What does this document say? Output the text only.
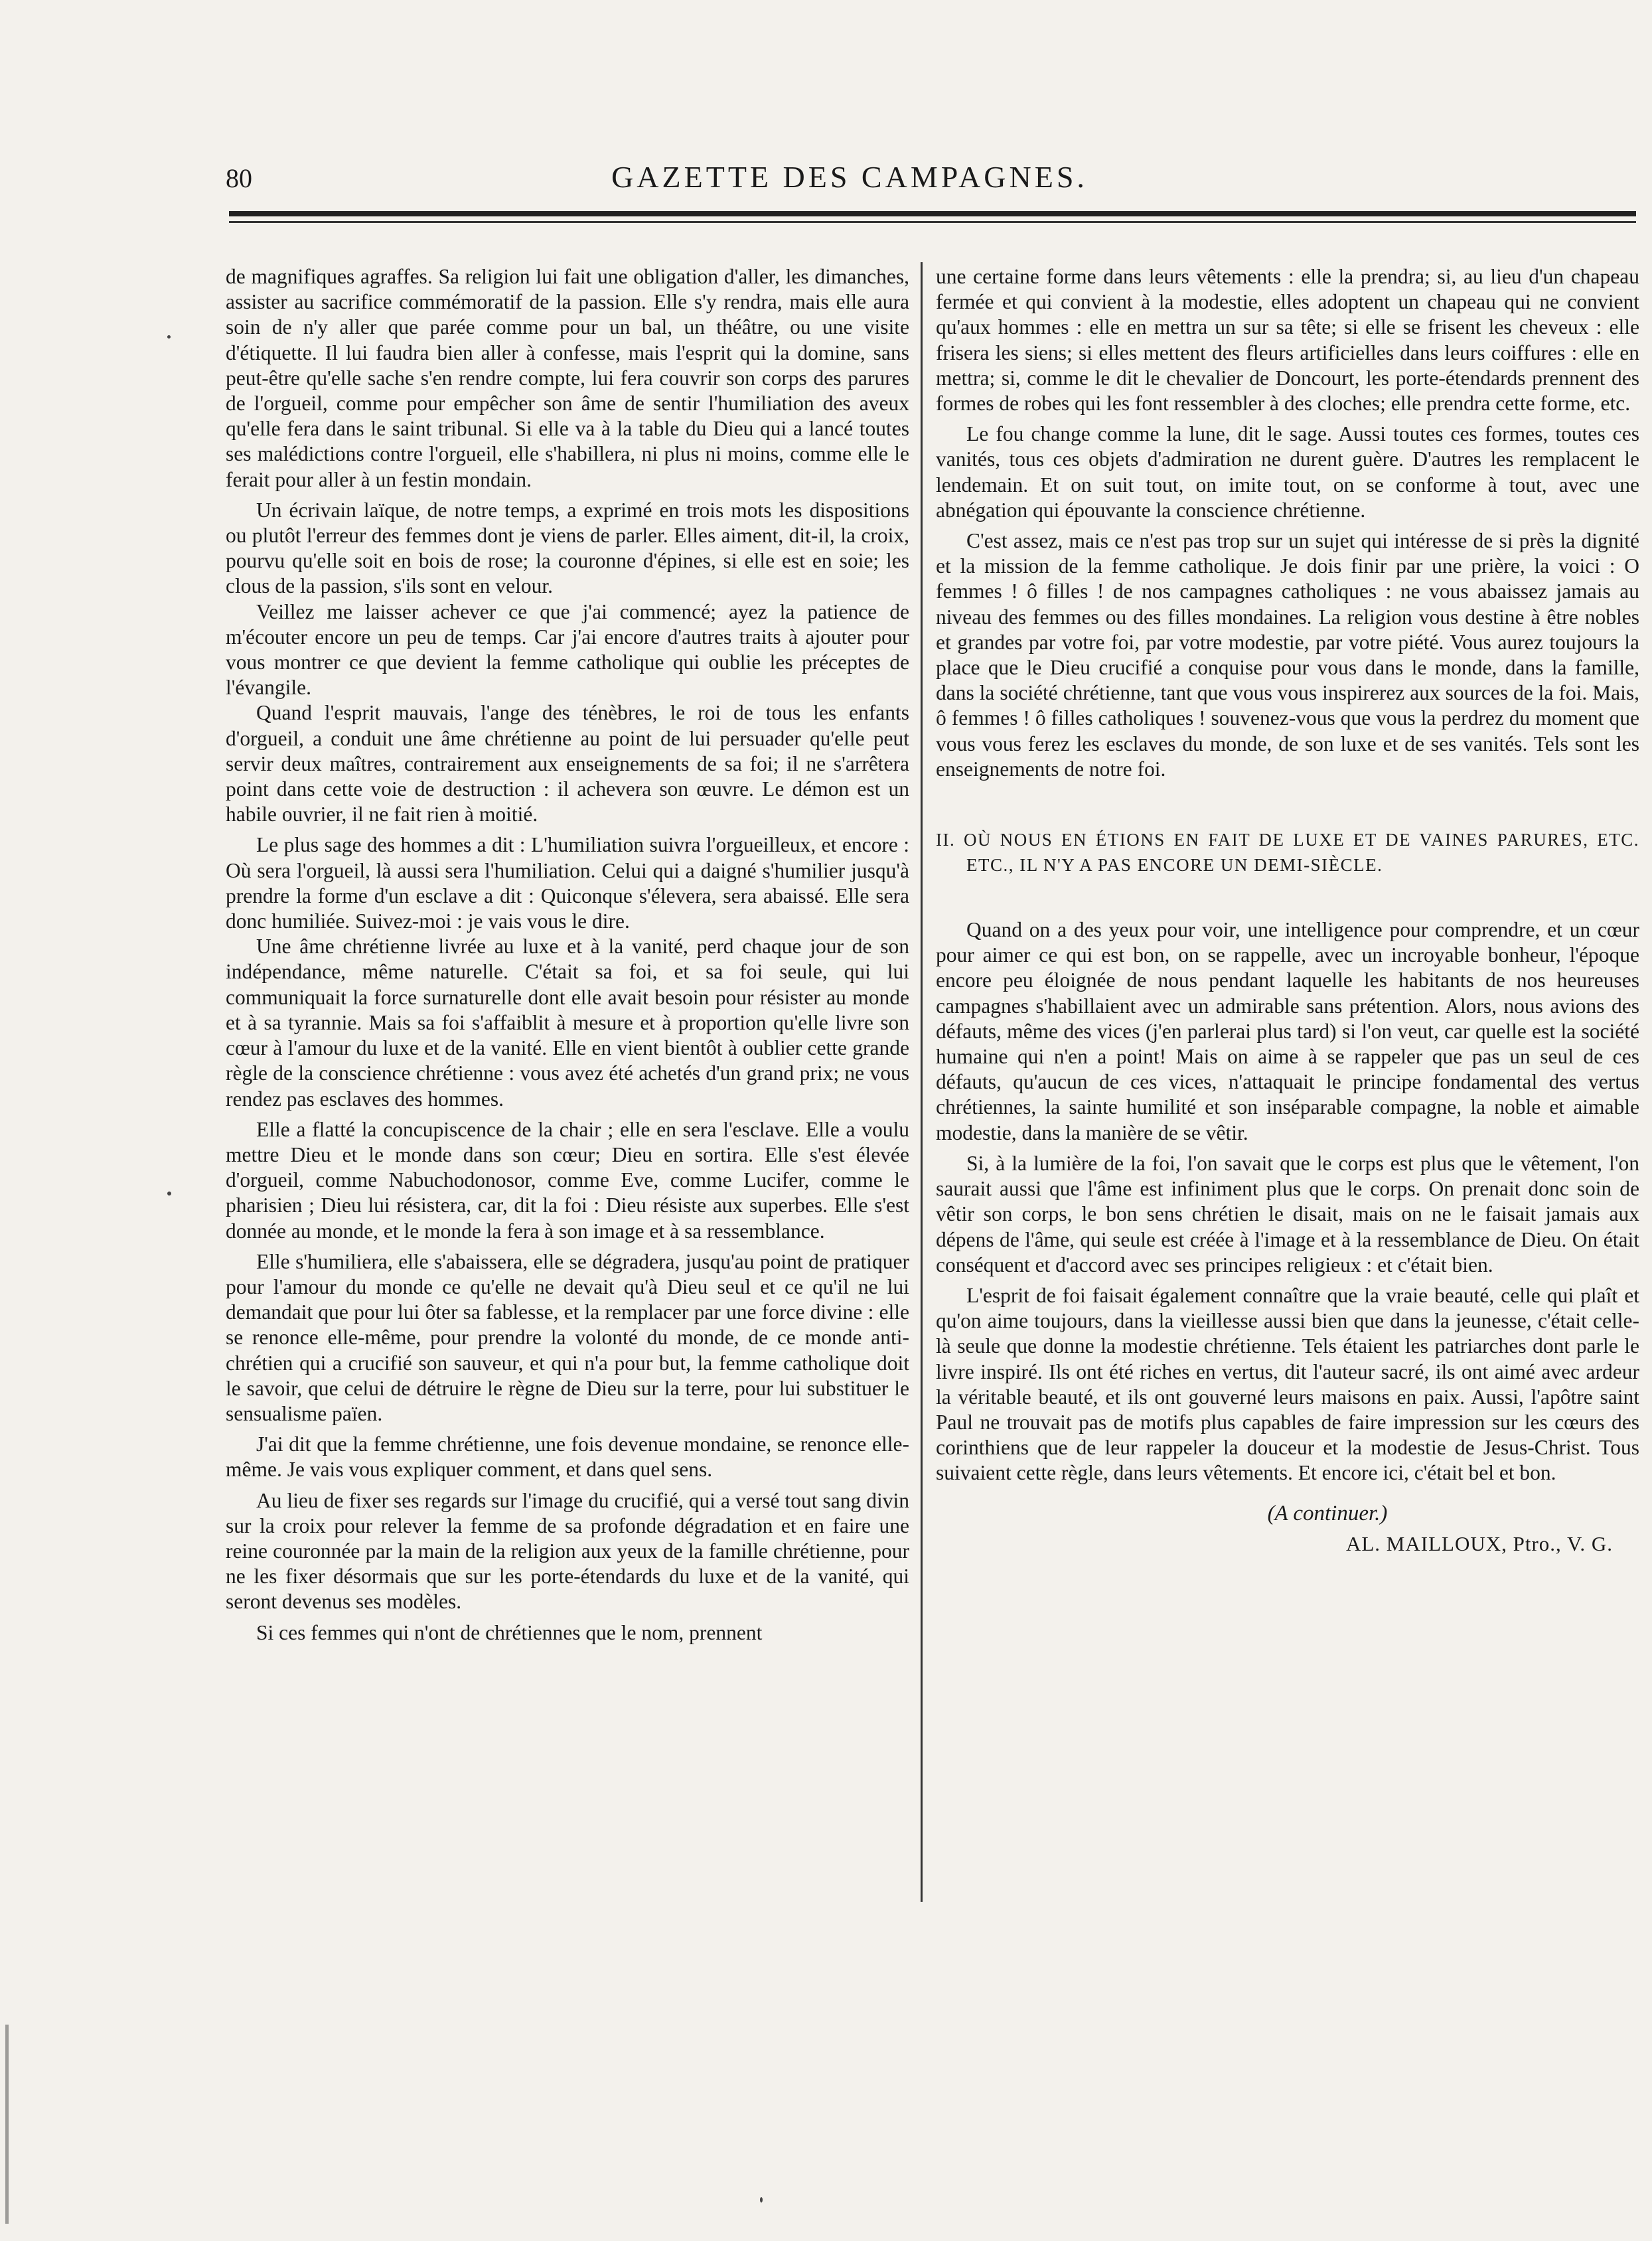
80	GAZETTE DES CAMPAGNES.

de magnifiques agraffes. Sa religion lui fait une obligation d'aller, les dimanches, assister au sacrifice commémoratif de la passion. Elle s'y rendra, mais elle aura soin de n'y aller que parée comme pour un bal, un théâtre, ou une visite d'étiquette. Il lui faudra bien aller à confesse, mais l'esprit qui la domine, sans peut-être qu'elle sache s'en rendre compte, lui fera couvrir son corps des parures de l'orgueil, comme pour empêcher son âme de sentir l'humiliation des aveux qu'elle fera dans le saint tribunal. Si elle va à la table du Dieu qui a lancé toutes ses malédictions contre l'orgueil, elle s'habillera, ni plus ni moins, comme elle le ferait pour aller à un festin mondain.

Un écrivain laïque, de notre temps, a exprimé en trois mots les dispositions ou plutôt l'erreur des femmes dont je viens de parler. Elles aiment, dit-il, la croix, pourvu qu'elle soit en bois de rose; la couronne d'épines, si elle est en soie; les clous de la passion, s'ils sont en velour.

Veillez me laisser achever ce que j'ai commencé; ayez la patience de m'écouter encore un peu de temps. Car j'ai encore d'autres traits à ajouter pour vous montrer ce que devient la femme catholique qui oublie les préceptes de l'évangile.

Quand l'esprit mauvais, l'ange des ténèbres, le roi de tous les enfants d'orgueil, a conduit une âme chrétienne au point de lui persuader qu'elle peut servir deux maîtres, contrairement aux enseignements de sa foi; il ne s'arrêtera point dans cette voie de destruction : il achevera son œuvre. Le démon est un habile ouvrier, il ne fait rien à moitié.

Le plus sage des hommes a dit : L'humiliation suivra l'orgueilleux, et encore : Où sera l'orgueil, là aussi sera l'humiliation. Celui qui a daigné s'humilier jusqu'à prendre la forme d'un esclave a dit : Quiconque s'élevera, sera abaissé. Elle sera donc humiliée. Suivez-moi : je vais vous le dire.

Une âme chrétienne livrée au luxe et à la vanité, perd chaque jour de son indépendance, même naturelle. C'était sa foi, et sa foi seule, qui lui communiquait la force surnaturelle dont elle avait besoin pour résister au monde et à sa tyrannie. Mais sa foi s'affaiblit à mesure et à proportion qu'elle livre son cœur à l'amour du luxe et de la vanité. Elle en vient bientôt à oublier cette grande règle de la conscience chrétienne : vous avez été achetés d'un grand prix; ne vous rendez pas esclaves des hommes.

Elle a flatté la concupiscence de la chair ; elle en sera l'esclave. Elle a voulu mettre Dieu et le monde dans son cœur; Dieu en sortira. Elle s'est élevée d'orgueil, comme Nabuchodonosor, comme Eve, comme Lucifer, comme le pharisien ; Dieu lui résistera, car, dit la foi : Dieu résiste aux superbes. Elle s'est donnée au monde, et le monde la fera à son image et à sa ressemblance.

Elle s'humiliera, elle s'abaissera, elle se dégradera, jusqu'au point de pratiquer pour l'amour du monde ce qu'elle ne devait qu'à Dieu seul et ce qu'il ne lui demandait que pour lui ôter sa fablesse, et la remplacer par une force divine : elle se renonce elle-même, pour prendre la volonté du monde, de ce monde anti-chrétien qui a crucifié son sauveur, et qui n'a pour but, la femme catholique doit le savoir, que celui de détruire le règne de Dieu sur la terre, pour lui substituer le sensualisme païen.

J'ai dit que la femme chrétienne, une fois devenue mondaine, se renonce elle-même. Je vais vous expliquer comment, et dans quel sens.

Au lieu de fixer ses regards sur l'image du crucifié, qui a versé tout sang divin sur la croix pour relever la femme de sa profonde dégradation et en faire une reine couronnée par la main de la religion aux yeux de la famille chrétienne, pour ne les fixer désormais que sur les porte-étendards du luxe et de la vanité, qui seront devenus ses modèles.

Si ces femmes qui n'ont de chrétiennes que le nom, prennent

une certaine forme dans leurs vêtements : elle la prendra; si, au lieu d'un chapeau fermée et qui convient à la modestie, elles adoptent un chapeau qui ne convient qu'aux hommes : elle en mettra un sur sa tête; si elle se frisent les cheveux : elle frisera les siens; si elles mettent des fleurs artificielles dans leurs coiffures : elle en mettra; si, comme le dit le chevalier de Doncourt, les porte-étendards prennent des formes de robes qui les font ressembler à des cloches; elle prendra cette forme, etc.

Le fou change comme la lune, dit le sage. Aussi toutes ces formes, toutes ces vanités, tous ces objets d'admiration ne durent guère. D'autres les remplacent le lendemain. Et on suit tout, on imite tout, on se conforme à tout, avec une abnégation qui épouvante la conscience chrétienne.

C'est assez, mais ce n'est pas trop sur un sujet qui intéresse de si près la dignité et la mission de la femme catholique. Je dois finir par une prière, la voici : O femmes ! ô filles ! de nos campagnes catholiques : ne vous abaissez jamais au niveau des femmes ou des filles mondaines. La religion vous destine à être nobles et grandes par votre foi, par votre modestie, par votre piété. Vous aurez toujours la place que le Dieu crucifié a conquise pour vous dans le monde, dans la famille, dans la société chrétienne, tant que vous vous inspirerez aux sources de la foi. Mais, ô femmes ! ô filles catholiques ! souvenez-vous que vous la perdrez du moment que vous vous ferez les esclaves du monde, de son luxe et de ses vanités. Tels sont les enseignements de notre foi.

II. OÙ NOUS EN ÉTIONS EN FAIT DE LUXE ET DE VAINES PARURES, ETC. ETC., IL N'Y A PAS ENCORE UN DEMI-SIÈCLE.

Quand on a des yeux pour voir, une intelligence pour comprendre, et un cœur pour aimer ce qui est bon, on se rappelle, avec un incroyable bonheur, l'époque encore peu éloignée de nous pendant laquelle les habitants de nos heureuses campagnes s'habillaient avec un admirable sans prétention. Alors, nous avions des défauts, même des vices (j'en parlerai plus tard) si l'on veut, car quelle est la société humaine qui n'en a point! Mais on aime à se rappeler que pas un seul de ces défauts, qu'aucun de ces vices, n'attaquait le principe fondamental des vertus chrétiennes, la sainte humilité et son inséparable compagne, la noble et aimable modestie, dans la manière de se vêtir.

Si, à la lumière de la foi, l'on savait que le corps est plus que le vêtement, l'on saurait aussi que l'âme est infiniment plus que le corps. On prenait donc soin de vêtir son corps, le bon sens chrétien le disait, mais on ne le faisait jamais aux dépens de l'âme, qui seule est créée à l'image et à la ressemblance de Dieu. On était conséquent et d'accord avec ses principes religieux : et c'était bien.

L'esprit de foi faisait également connaître que la vraie beauté, celle qui plaît et qu'on aime toujours, dans la vieillesse aussi bien que dans la jeunesse, c'était celle-là seule que donne la modestie chrétienne. Tels étaient les patriarches dont parle le livre inspiré. Ils ont été riches en vertus, dit l'auteur sacré, ils ont aimé avec ardeur la véritable beauté, et ils ont gouverné leurs maisons en paix. Aussi, l'apôtre saint Paul ne trouvait pas de motifs plus capables de faire impression sur les cœurs des corinthiens que de leur rappeler la douceur et la modestie de Jesus-Christ. Tous suivaient cette règle, dans leurs vêtements. Et encore ici, c'était bel et bon.

(A continuer.)
AL. MAILLOUX, Ptro., V. G.
